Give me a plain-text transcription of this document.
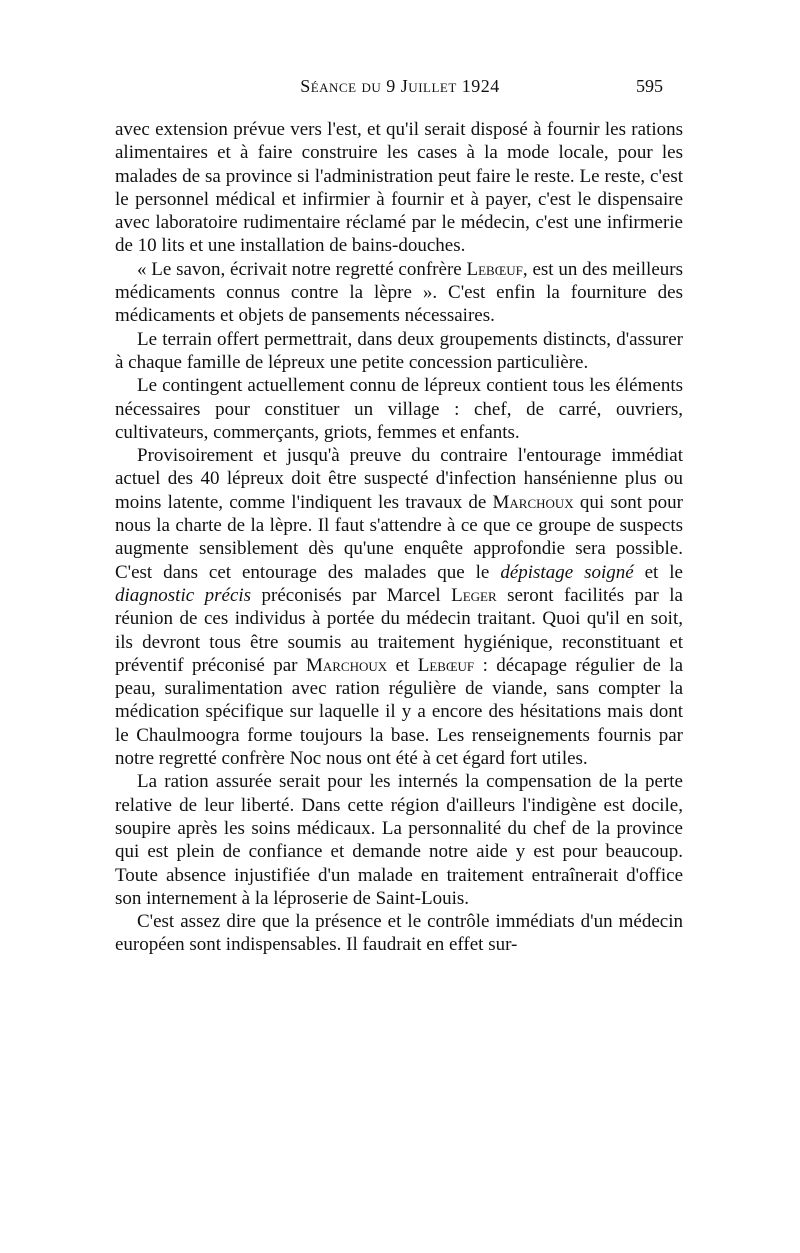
Séance du 9 Juillet 1924	595

avec extension prévue vers l'est, et qu'il serait disposé à fournir les rations alimentaires et à faire construire les cases à la mode locale, pour les malades de sa province si l'administration peut faire le reste. Le reste, c'est le personnel médical et infirmier à fournir et à payer, c'est le dispensaire avec laboratoire rudimentaire réclamé par le médecin, c'est une infirmerie de 10 lits et une installation de bains-douches.

« Le savon, écrivait notre regretté confrère Lebœuf, est un des meilleurs médicaments connus contre la lèpre ». C'est enfin la fourniture des médicaments et objets de pansements nécessaires.

Le terrain offert permettrait, dans deux groupements distincts, d'assurer à chaque famille de lépreux une petite concession particulière.

Le contingent actuellement connu de lépreux contient tous les éléments nécessaires pour constituer un village : chef, de carré, ouvriers, cultivateurs, commerçants, griots, femmes et enfants.

Provisoirement et jusqu'à preuve du contraire l'entourage immédiat actuel des 40 lépreux doit être suspecté d'infection hansénienne plus ou moins latente, comme l'indiquent les travaux de Marchoux qui sont pour nous la charte de la lèpre. Il faut s'attendre à ce que ce groupe de suspects augmente sensiblement dès qu'une enquête approfondie sera possible. C'est dans cet entourage des malades que le dépistage soigné et le diagnostic précis préconisés par Marcel Leger seront facilités par la réunion de ces individus à portée du médecin traitant. Quoi qu'il en soit, ils devront tous être soumis au traitement hygiénique, reconstituant et préventif préconisé par Marchoux et Lebœuf : décapage régulier de la peau, suralimentation avec ration régulière de viande, sans compter la médication spécifique sur laquelle il y a encore des hésitations mais dont le Chaulmoogra forme toujours la base. Les renseignements fournis par notre regretté confrère Noc nous ont été à cet égard fort utiles.

La ration assurée serait pour les internés la compensation de la perte relative de leur liberté. Dans cette région d'ailleurs l'indigène est docile, soupire après les soins médicaux. La personnalité du chef de la province qui est plein de confiance et demande notre aide y est pour beaucoup. Toute absence injustifiée d'un malade en traitement entraînerait d'office son internement à la léproserie de Saint-Louis.

C'est assez dire que la présence et le contrôle immédiats d'un médecin européen sont indispensables. Il faudrait en effet sur-
